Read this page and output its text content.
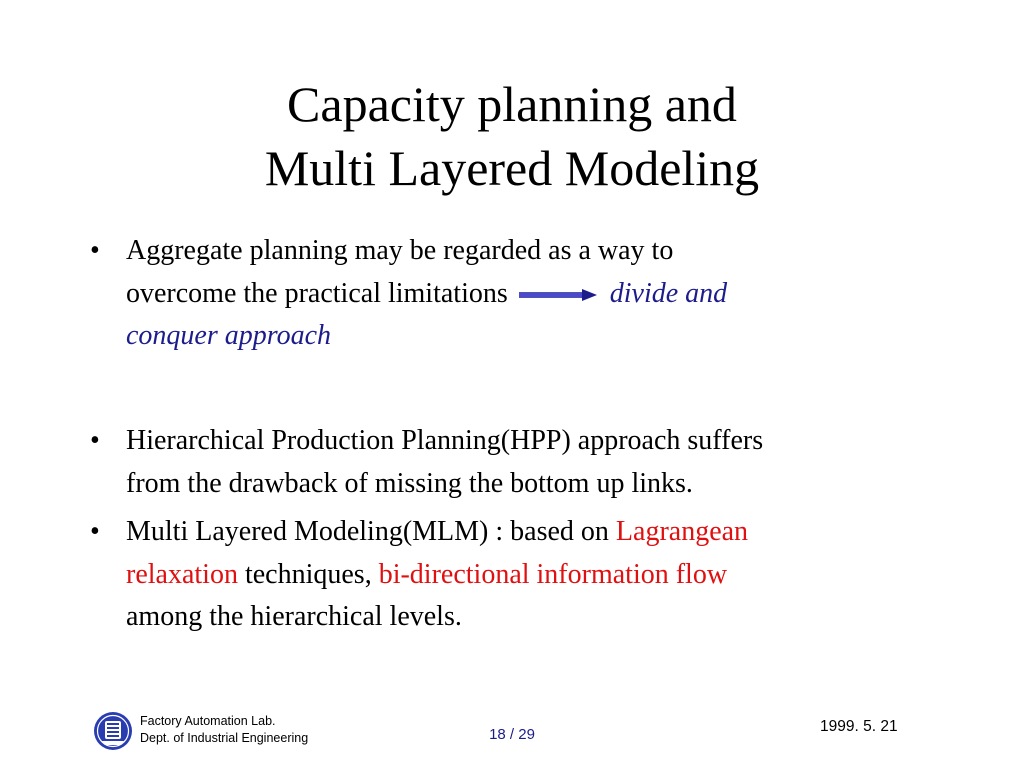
Capacity planning and
Multi Layered Modeling
• Aggregate planning may be regarded as a way to
overcome the practical limitations	divide and
conquer approach
• Hierarchical Production Planning(HPP) approach suffers
from the drawback of missing the bottom up links.
• Multi Layered Modeling(MLM) : based on Lagrangean
relaxation techniques, bi-directional information flow
among the hierarchical levels.
Factory Automation Lab.
Dept. of Industrial Engineering	18 / 29	1999. 5. 21
